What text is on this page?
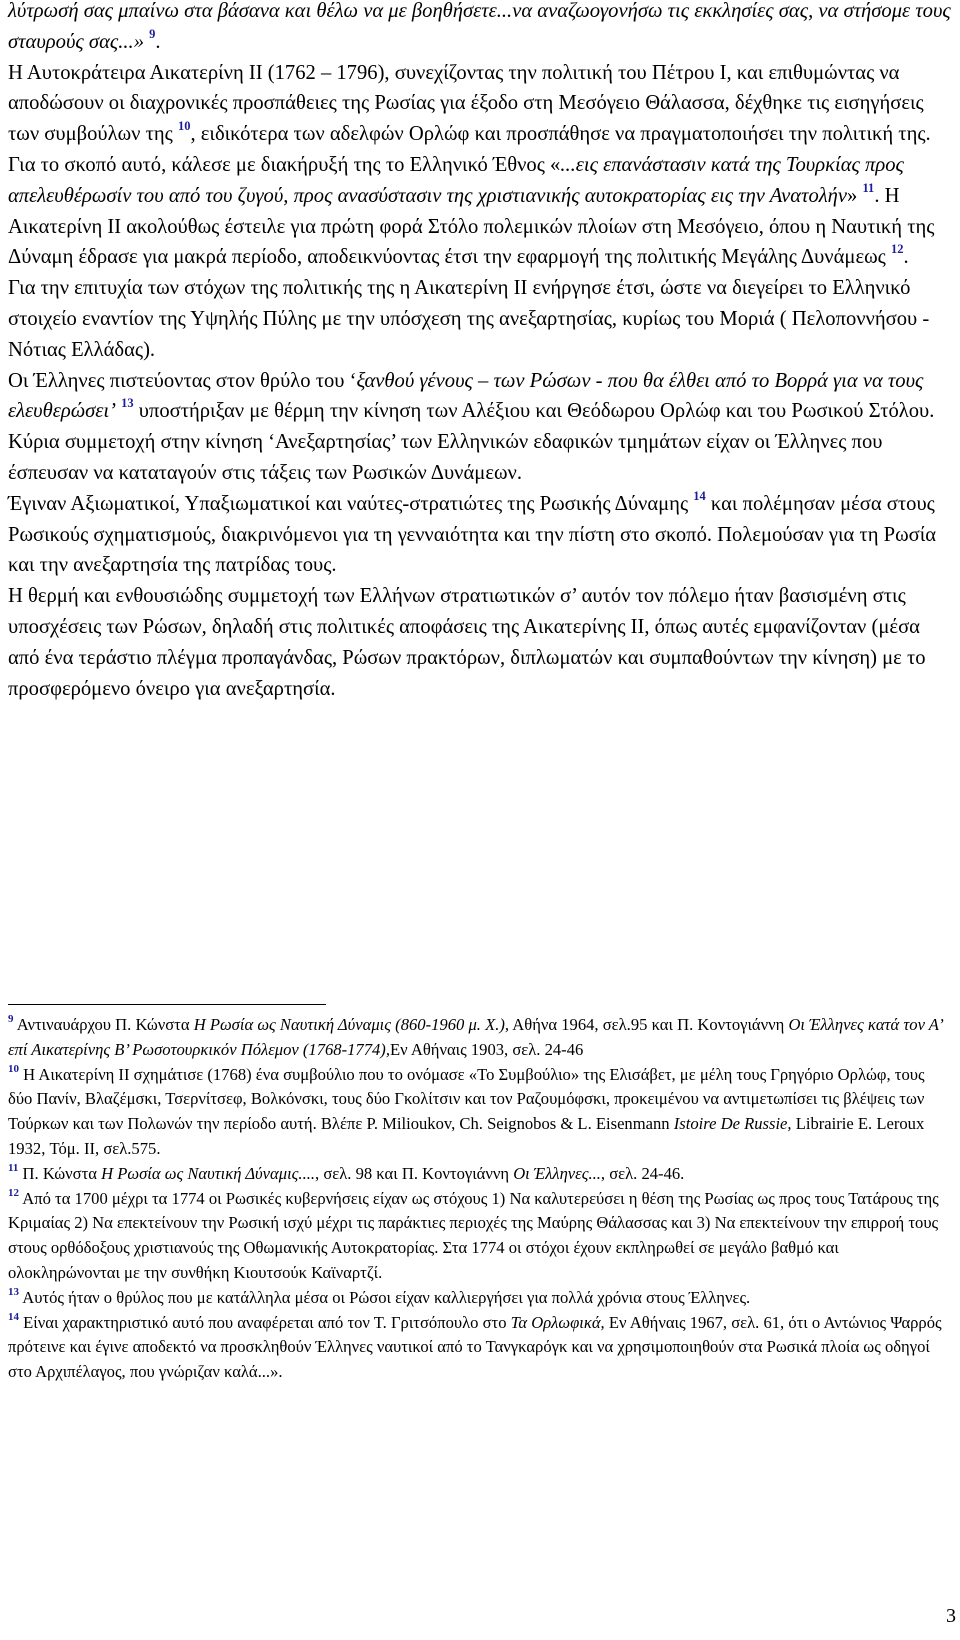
λύτρωσή σας μπαίνω στα βάσανα και θέλω να με βοηθήσετε...να αναζωογονήσω τις εκκλησίες σας, να στήσομε τους σταυρούς σας...» $^9$.

Η Αυτοκράτειρα Αικατερίνη ΙΙ (1762 – 1796), συνεχίζοντας την πολιτική του Πέτρου Ι, και επιθυμώντας να αποδώσουν οι διαχρονικές προσπάθειες της Ρωσίας για έξοδο στη Μεσόγειο Θάλασσα, δέχθηκε τις εισηγήσεις των συμβούλων της $^{10}$, ειδικότερα των αδελφών Ορλώφ και προσπάθησε να πραγματοποιήσει την πολιτική της.

Για το σκοπό αυτό, κάλεσε με διακήρυξή της το Ελληνικό Έθνος «...εις επανάστασιν κατά της Τουρκίας προς απελευθέρωσίν του από του ζυγού, προς ανασύστασιν της χριστιανικής αυτοκρατορίας εις την Ανατολήν» $^{11}$. Η Αικατερίνη ΙΙ ακολούθως έστειλε για πρώτη φορά Στόλο πολεμικών πλοίων στη Μεσόγειο, όπου η Ναυτική της Δύναμη έδρασε για μακρά περίοδο, αποδεικνύοντας έτσι την εφαρμογή της πολιτικής Μεγάλης Δυνάμεως $^{12}$.

Για την επιτυχία των στόχων της πολιτικής της η Αικατερίνη ΙΙ ενήργησε έτσι, ώστε να διεγείρει το Ελληνικό στοιχείο εναντίον της Υψηλής Πύλης με την υπόσχεση της ανεξαρτησίας, κυρίως του Μοριά ( Πελοποννήσου - Νότιας Ελλάδας).

Οι Έλληνες πιστεύοντας στον θρύλο του ‘ξανθού γένους – των Ρώσων - που θα έλθει από το Βορρά για να τους ελευθερώσει’ $^{13}$ υποστήριξαν με θέρμη την κίνηση των Αλέξιου και Θεόδωρου Ορλώφ και του Ρωσικού Στόλου.

Κύρια συμμετοχή στην κίνηση ‘Ανεξαρτησίας’ των Ελληνικών εδαφικών τμημάτων είχαν οι Έλληνες που έσπευσαν να καταταγούν στις τάξεις των Ρωσικών Δυνάμεων.

Έγιναν Αξιωματικοί, Υπαξιωματικοί και ναύτες-στρατιώτες της Ρωσικής Δύναμης $^{14}$ και πολέμησαν μέσα στους Ρωσικούς σχηματισμούς, διακρινόμενοι για τη γενναιότητα και την πίστη στο σκοπό. Πολεμούσαν για τη Ρωσία και την ανεξαρτησία της πατρίδας τους.

Η θερμή και ενθουσιώδης συμμετοχή των Ελλήνων στρατιωτικών σ’ αυτόν τον πόλεμο ήταν βασισμένη στις υποσχέσεις των Ρώσων, δηλαδή στις πολιτικές αποφάσεις της Αικατερίνης ΙΙ, όπως αυτές εμφανίζονταν (μέσα από ένα τεράστιο πλέγμα προπαγάνδας, Ρώσων πρακτόρων, διπλωματών και συμπαθούντων την κίνηση) με το προσφερόμενο όνειρο για ανεξαρτησία.

$^9$ Αντιναυάρχου Π. Κώνστα Η Ρωσία ως Ναυτική Δύναμις (860-1960 μ. Χ.), Αθήνα 1964, σελ.95 και Π. Κοντογιάννη Οι Έλληνες κατά τον Α’ επί Αικατερίνης Β’ Ρωσοτουρκικόν Πόλεμον (1768-1774),Εν Αθήναις 1903, σελ. 24-46

$^{10}$ Η Αικατερίνη ΙΙ σχημάτισε (1768) ένα συμβούλιο που το ονόμασε «Το Συμβούλιο» της Ελισάβετ, με μέλη τους Γρηγόριο Ορλώφ, τους δύο Πανίν, Βλαζέμσκι, Τσερνίτσεφ, Βολκόνσκι, τους δύο Γκολίτσιν και τον Ραζουμόφσκι, προκειμένου να αντιμετωπίσει τις βλέψεις των Τούρκων και των Πολωνών την περίοδο αυτή. Βλέπε P. Milioukov, Ch. Seignobos & L. Eisenmann Istoire De Russie, Librairie E. Leroux 1932, Τόμ. ΙΙ, σελ.575.

$^{11}$ Π. Κώνστα Η Ρωσία ως Ναυτική Δύναμις...., σελ. 98 και Π. Κοντογιάννη Οι Έλληνες..., σελ. 24-46.

$^{12}$ Από τα 1700 μέχρι τα 1774 οι Ρωσικές κυβερνήσεις είχαν ως στόχους 1) Να καλυτερεύσει η θέση της Ρωσίας ως προς τους Τατάρους της Κριμαίας 2) Να επεκτείνουν την Ρωσική ισχύ μέχρι τις παράκτιες περιοχές της Μαύρης Θάλασσας και 3) Να επεκτείνουν την επιρροή τους στους ορθόδοξους χριστιανούς της Οθωμανικής Αυτοκρατορίας. Στα 1774 οι στόχοι έχουν εκπληρωθεί σε μεγάλο βαθμό και ολοκληρώνονται με την συνθήκη Κιουτσούκ Καϊναρτζί.

$^{13}$ Αυτός ήταν ο θρύλος που με κατάλληλα μέσα οι Ρώσοι είχαν καλλιεργήσει για πολλά χρόνια στους Έλληνες.

$^{14}$ Είναι χαρακτηριστικό αυτό που αναφέρεται από τον Τ. Γριτσόπουλο στο Τα Ορλωφικά, Εν Αθήναις 1967, σελ. 61, ότι ο Αντώνιος Ψαρρός πρότεινε και έγινε αποδεκτό να προσκληθούν Έλληνες ναυτικοί από το Τανγκαρόγκ και να χρησιμοποιηθούν στα Ρωσικά πλοία ως οδηγοί στο Αρχιπέλαγος, που γνώριζαν καλά...».

3
